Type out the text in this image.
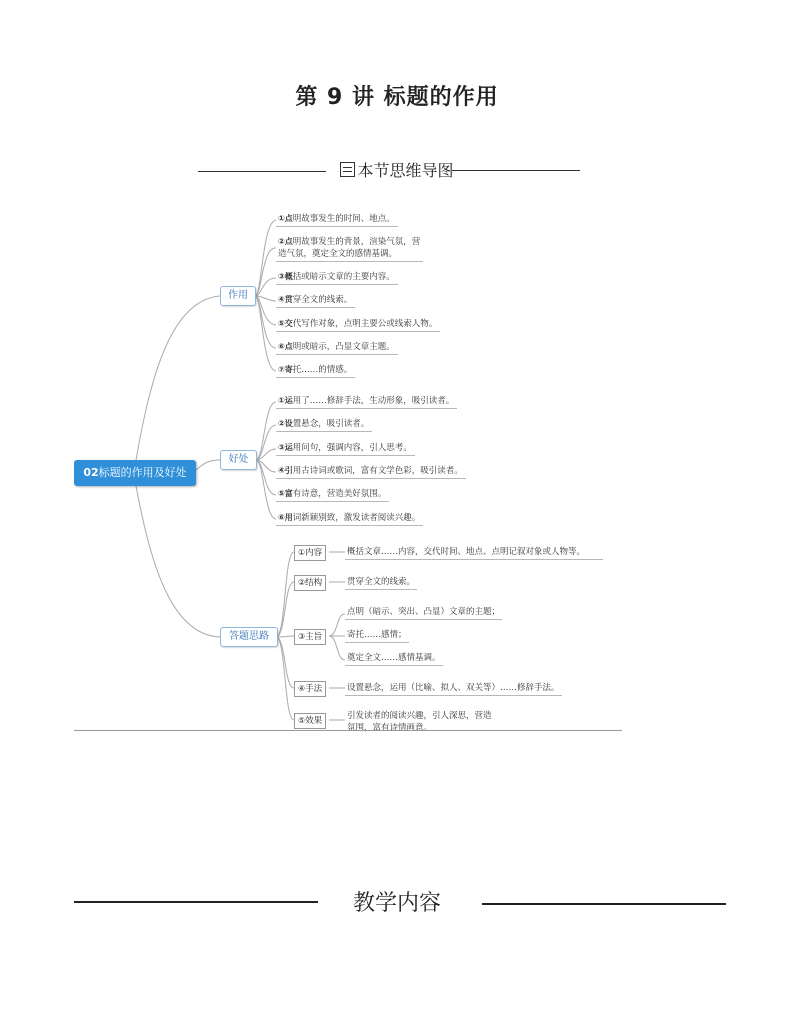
第 9 讲 标题的作用
本节思维导图
02标题的作用及好处
作用
好处
答题思路
①点明故事发生的时间、地点。
②点明故事发生的背景，渲染气氛，营
造气氛，奠定全文的感情基调。
③概括或暗示文章的主要内容。
④贯穿全文的线索。
⑤交代写作对象，点明主要公或线索人物。
⑥点明或暗示，凸显文章主题。
⑦寄托……的情感。
①运用了……修辞手法，生动形象，吸引读者。
②设置悬念，吸引读者。
③运用问句，强调内容，引人思考。
④引用古诗词或歌词，富有文学色彩，吸引读者。
⑤富有诗意，营造美好氛围。
⑥用词新颖别致，激发读者阅读兴趣。
①内容
②结构
③主旨
④手法
⑤效果
概括文章……内容，交代时间、地点、点明记叙对象或人物等。
贯穿全文的线索。
点明（暗示、突出、凸显）文章的主题；
寄托……感情；
奠定全文……感情基调。
设置悬念，运用（比喻、拟人、双关等）……修辞手法。
引发读者的阅读兴趣，引人深思，营造
氛围，富有诗情画意。
教学内容
